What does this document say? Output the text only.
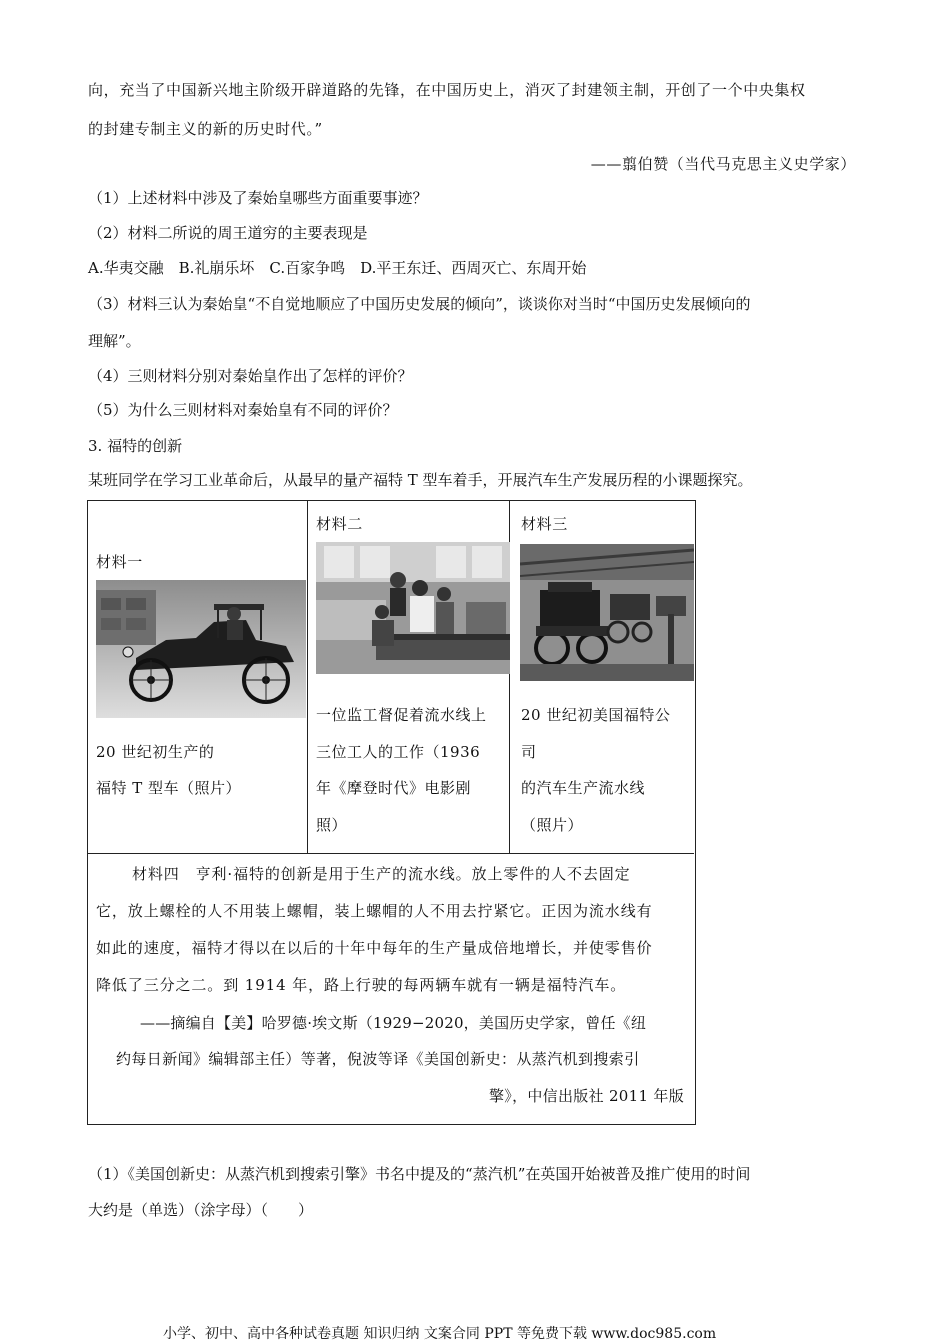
向，充当了中国新兴地主阶级开辟道路的先锋，在中国历史上，消灭了封建领主制，开创了一个中央集权
的封建专制主义的新的历史时代。”
——翦伯赞（当代马克思主义史学家）
（1）上述材料中涉及了秦始皇哪些方面重要事迹？
（2）材料二所说的周王道穷的主要表现是
A.华夷交融　B.礼崩乐坏　C.百家争鸣　D.平王东迁、西周灭亡、东周开始
（3）材料三认为秦始皇“不自觉地顺应了中国历史发展的倾向”，谈谈你对当时“中国历史发展倾向的
理解”。
（4）三则材料分别对秦始皇作出了怎样的评价？
（5）为什么三则材料对秦始皇有不同的评价？
3. 福特的创新
某班同学在学习工业革命后，从最早的量产福特 T 型车着手，开展汽车生产发展历程的小课题探究。
材料一
20 世纪初生产的
福特 T 型车（照片）
材料二
一位监工督促着流水线上
三位工人的工作（1936
年《摩登时代》电影剧
照）
材料三
20 世纪初美国福特公
司
的汽车生产流水线
（照片）
材料四　亨利·福特的创新是用于生产的流水线。放上零件的人不去固定
它，放上螺栓的人不用装上螺帽，装上螺帽的人不用去拧紧它。正因为流水线有
如此的速度，福特才得以在以后的十年中每年的生产量成倍地增长，并使零售价
降低了三分之二。到 1914 年，路上行驶的每两辆车就有一辆是福特汽车。
——摘编自【美】哈罗德·埃文斯（1929−2020，美国历史学家，曾任《纽
约每日新闻》编辑部主任）等著，倪波等译《美国创新史：从蒸汽机到搜索引
擎》，中信出版社 2011 年版
（1）《美国创新史：从蒸汽机到搜索引擎》书名中提及的“蒸汽机”在英国开始被普及推广使用的时间
大约是（单选）（涂字母）（　　）
小学、初中、高中各种试卷真题 知识归纳 文案合同 PPT 等免费下载 www.doc985.com
